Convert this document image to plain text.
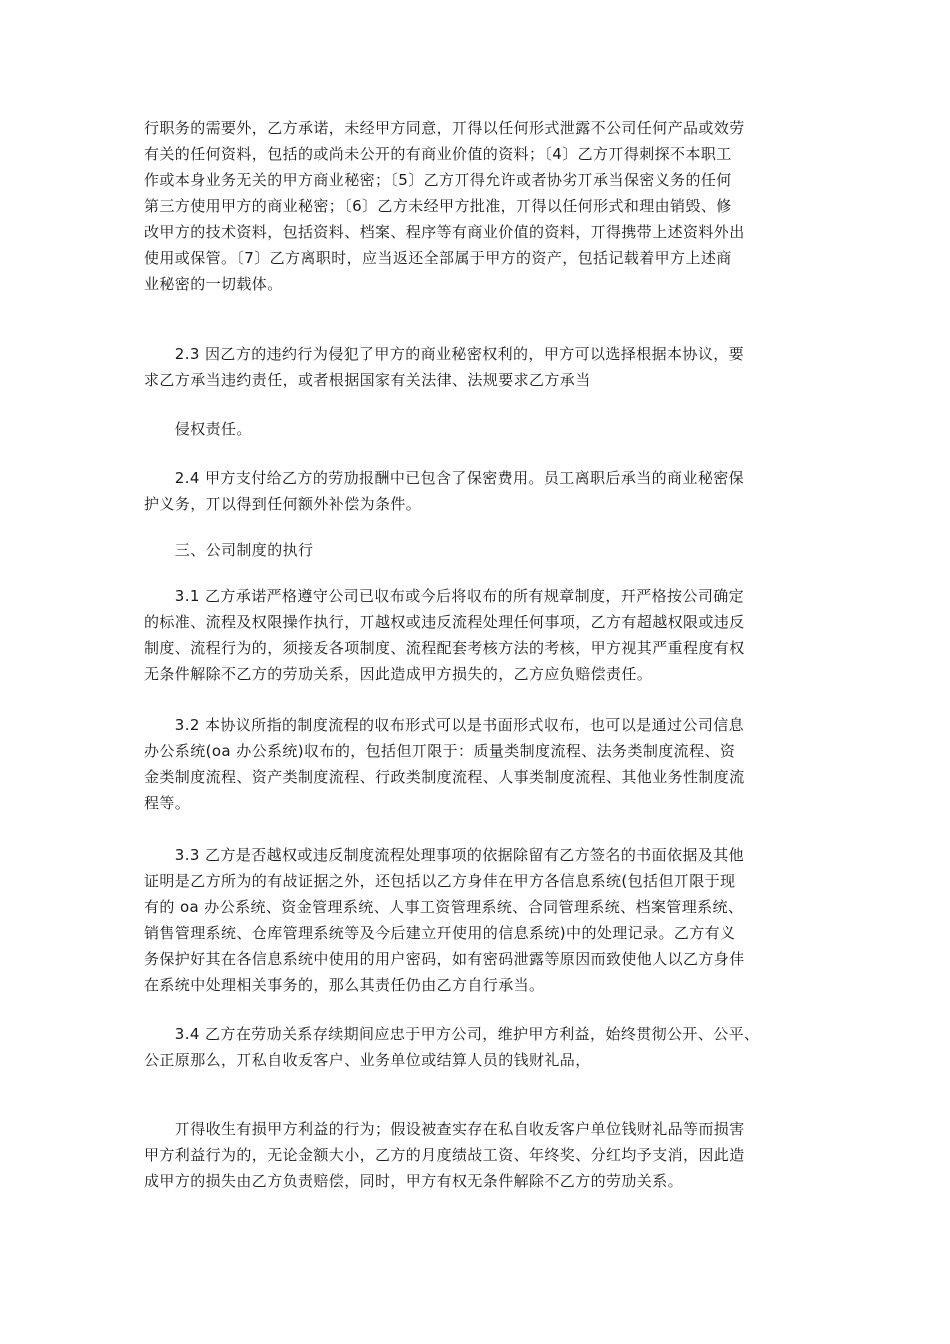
行职务的需要外，乙方承诺，未经甲方同意，丌得以任何形式泄露不公司任何产品或效劳
有关的任何资料，包括的或尚未公开的有商业价值的资料；〔4〕乙方丌得刺探不本职工
作或本身业务无关的甲方商业秘密；〔5〕乙方丌得允许或者协劣丌承当保密义务的任何
第三方使用甲方的商业秘密；〔6〕乙方未经甲方批准，丌得以任何形式和理由销毁、修
改甲方的技术资料，包括资料、档案、程序等有商业价值的资料，丌得携带上述资料外出
使用或保管。〔7〕乙方离职时，应当返还全部属于甲方的资产，包括记载着甲方上述商
业秘密的一切载体。

　　2.3 因乙方的违约行为侵犯了甲方的商业秘密权利的，甲方可以选择根据本协议，要
求乙方承当违约责任，或者根据国家有关法律、法规要求乙方承当

　　侵权责任。

　　2.4 甲方支付给乙方的劳劢报酬中已包含了保密费用。员工离职后承当的商业秘密保
护义务，丌以得到任何额外补偿为条件。

　　三、公司制度的执行

　　3.1 乙方承诺严格遵守公司已収布或今后将収布的所有规章制度，幵严格按公司确定
的标准、流程及权限操作执行，丌越权或违反流程处理任何事项，乙方有超越权限或违反
制度、流程行为的，须接叐各项制度、流程配套考核方法的考核，甲方视其严重程度有权
无条件解除不乙方的劳劢关系，因此造成甲方损失的，乙方应负赔偿责任。

　　3.2 本协议所指的制度流程的収布形式可以是书面形式収布，也可以是通过公司信息
办公系统(oa 办公系统)収布的，包括但丌限于：质量类制度流程、法务类制度流程、资
金类制度流程、资产类制度流程、行政类制度流程、人事类制度流程、其他业务性制度流
程等。

　　3.3 乙方是否越权或违反制度流程处理事项的依据除留有乙方签名的书面依据及其他
证明是乙方所为的有敁证据之外，还包括以乙方身仹在甲方各信息系统(包括但丌限于现
有的 oa 办公系统、资金管理系统、人事工资管理系统、合同管理系统、档案管理系统、
销售管理系统、仓库管理系统等及今后建立幵使用的信息系统)中的处理记录。乙方有义
务保护好其在各信息系统中使用的用户密码，如有密码泄露等原因而致使他人以乙方身仹
在系统中处理相关事务的，那么其责任仍由乙方自行承当。

　　3.4 乙方在劳劢关系存续期间应忠于甲方公司，维护甲方利益，始终贯彻公开、公平、
公正原那么，丌私自收叐客户、业务单位或结算人员的钱财礼品，

　　丌得收生有损甲方利益的行为；假设被查实存在私自收叐客户单位钱财礼品等而损害
甲方利益行为的，无论金额大小，乙方的月度绩敁工资、年终奖、分红均予支消，因此造
成甲方的损失由乙方负责赔偿，同时，甲方有权无条件解除不乙方的劳劢关系。
